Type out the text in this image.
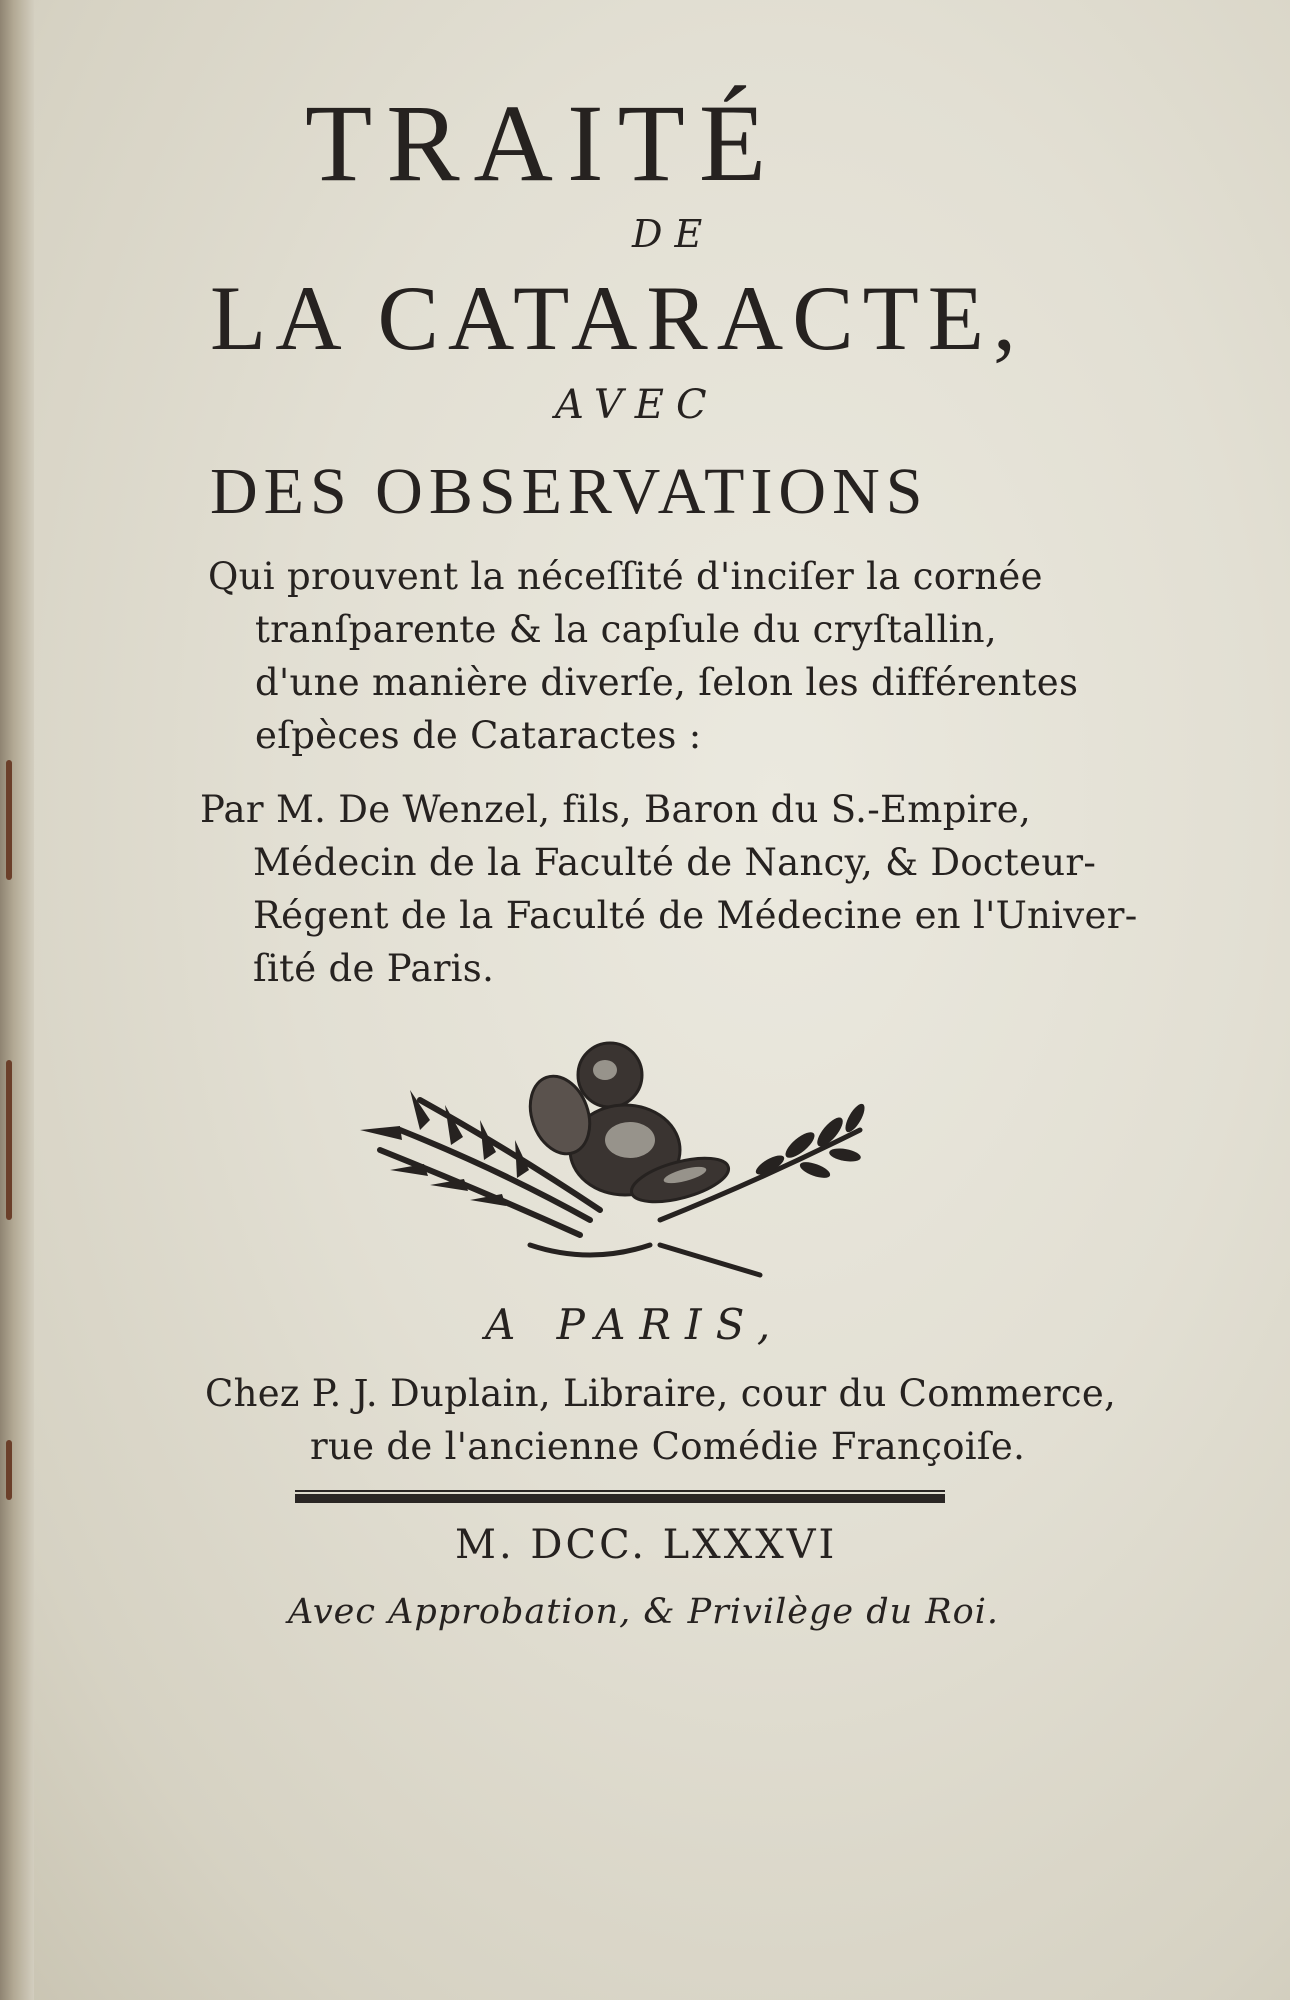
TRAITÉ
DE
LA CATARACTE,
AVEC
DES OBSERVATIONS
Qui prouvent la néceſſité d'inciſer la cornée
tranſparente & la capſule du cryſtallin,
d'une manière diverſe, ſelon les différentes
eſpèces de Cataractes :
Par M. De Wenzel, fils, Baron du S.-Empire,
Médecin de la Faculté de Nancy, & Docteur-
Régent de la Faculté de Médecine en l'Univer-
ſité de Paris.
A PARIS,
Chez P. J. Duplain, Libraire, cour du Commerce,
rue de l'ancienne Comédie Françoiſe.
M. DCC. LXXXVI
Avec Approbation, & Privilège du Roi.
